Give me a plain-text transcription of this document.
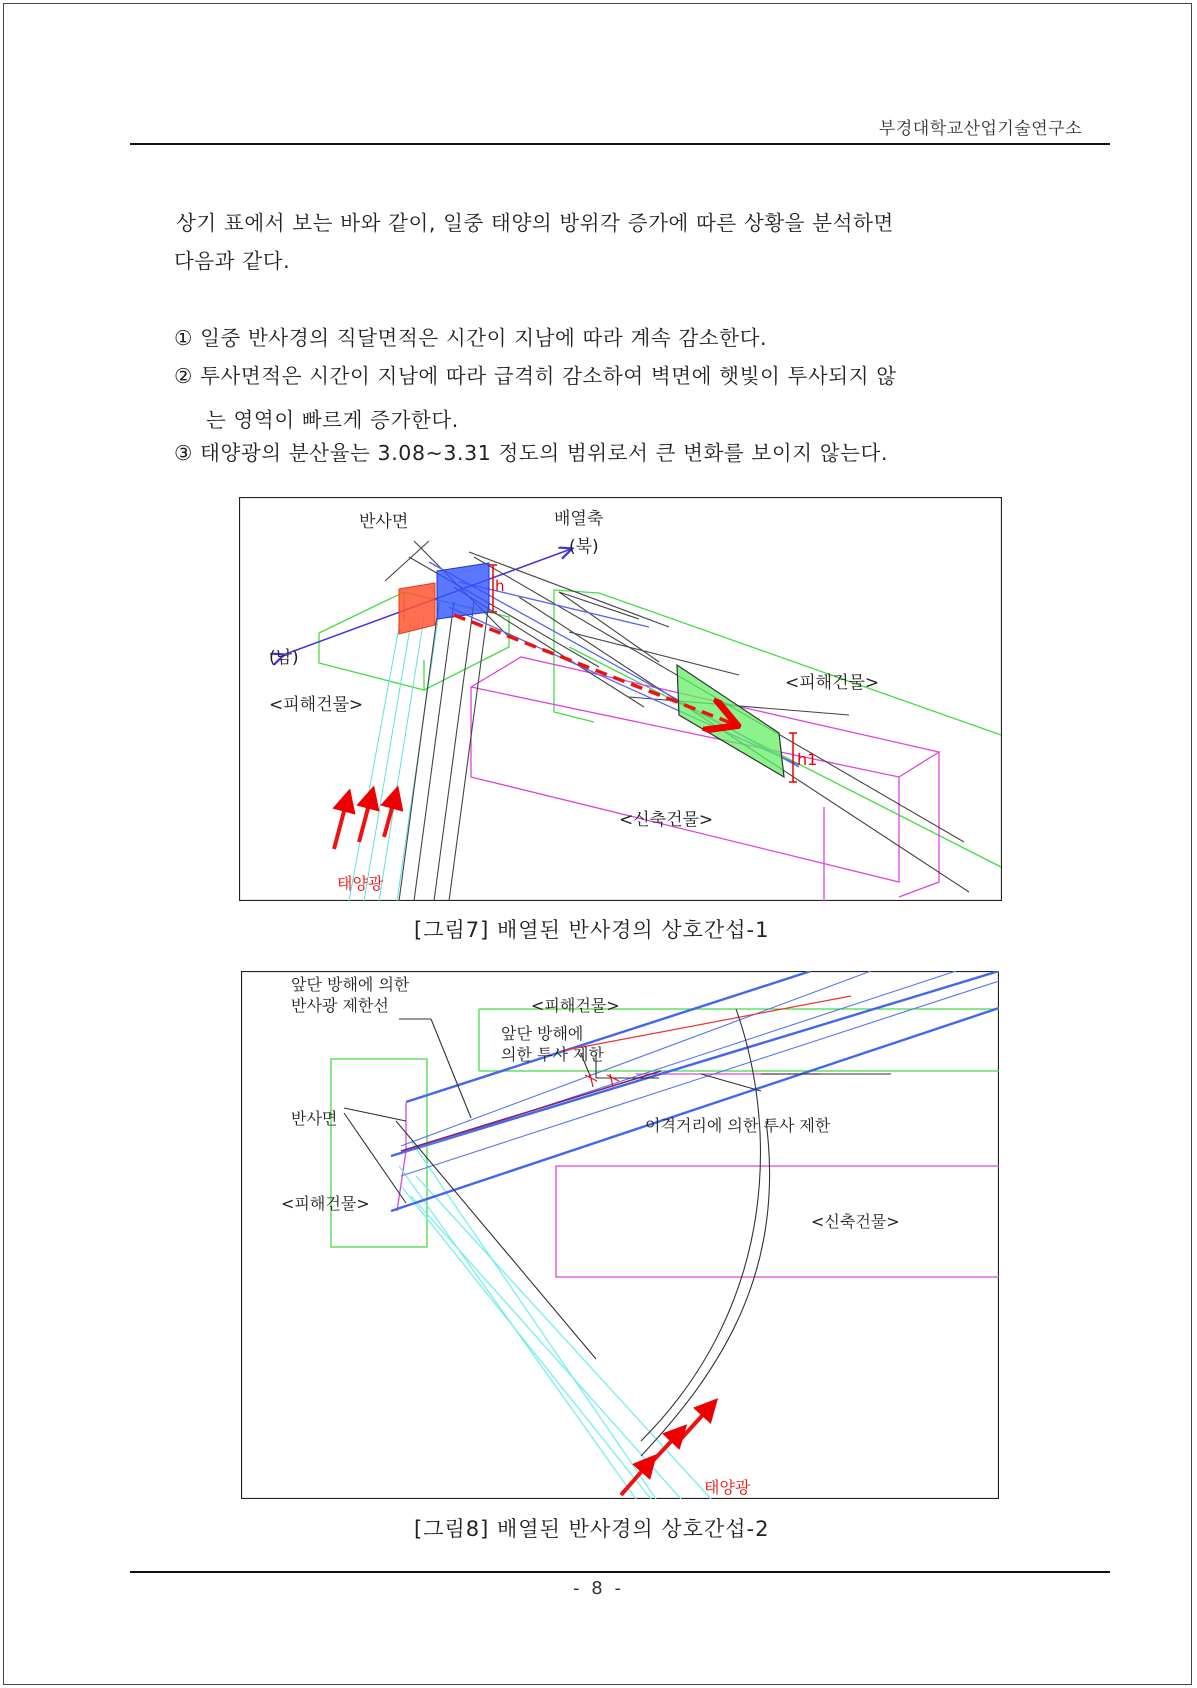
부경대학교산업기술연구소
상기 표에서 보는 바와 같이, 일중 태양의 방위각 증가에 따른 상황을 분석하면
다음과 같다.
① 일중 반사경의 직달면적은 시간이 지남에 따라 계속 감소한다.
② 투사면적은 시간이 지남에 따라 급격히 감소하여 벽면에 햇빛이 투사되지 않
는 영역이 빠르게 증가한다.
③ 태양광의 분산율는 3.08~3.31 정도의 범위로서 큰 변화를 보이지 않는다.
반사면	배열축
(북)
(남)
<피해건물>
<피해건물>
<신축건물>
h
h1
태양광
[그림7] 배열된 반사경의 상호간섭-1
앞단 방해에 의한
반사광 제한선	<피해건물>
앞단 방해에
의한 투사 제한
반사면	이격거리에 의한 투사 제한
<피해건물>
<신축건물>
태양광
[그림8] 배열된 반사경의 상호간섭-2
- 8 -
